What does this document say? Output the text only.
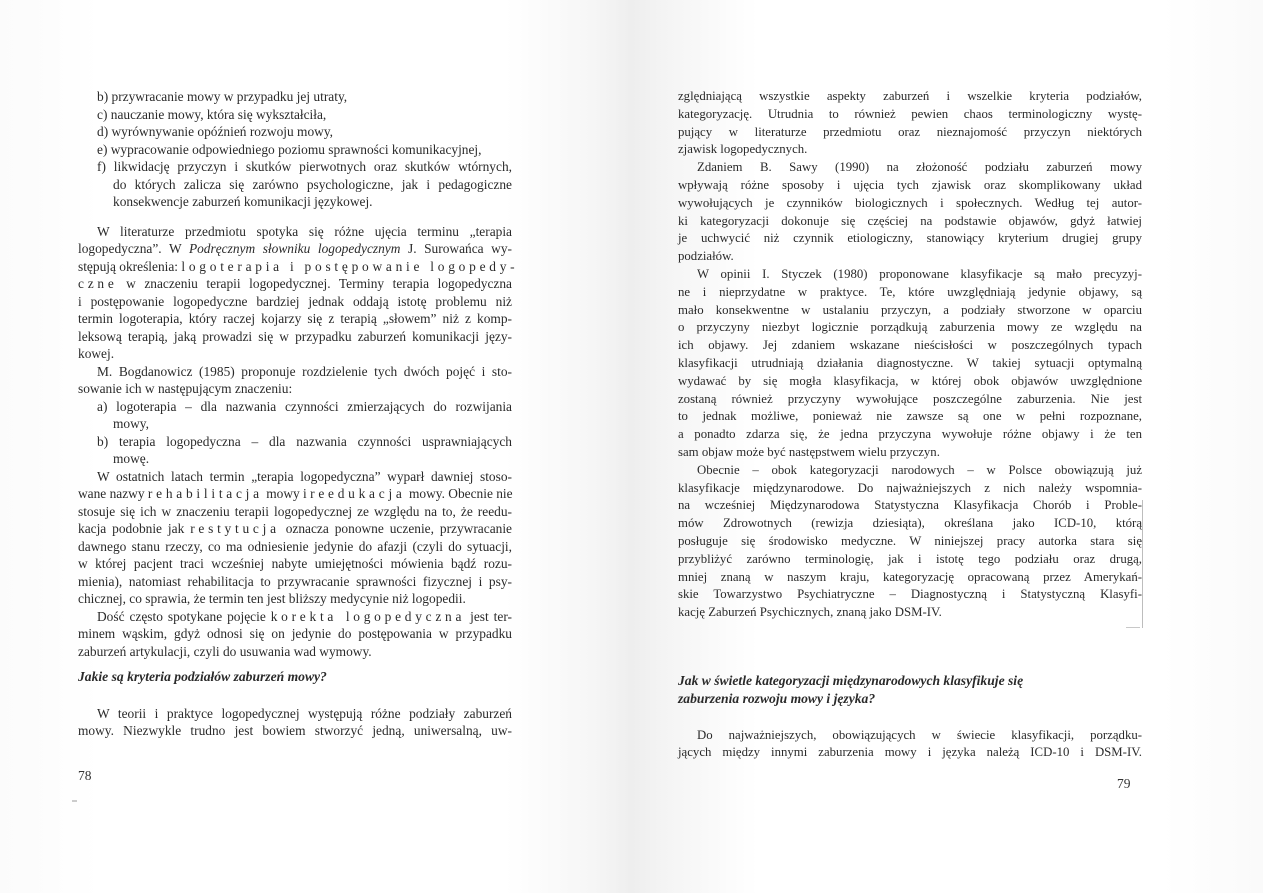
b) przywracanie mowy w przypadku jej utraty,
c) nauczanie mowy, która się wykształciła,
d) wyrównywanie opóźnień rozwoju mowy,
e) wypracowanie odpowiedniego poziomu sprawności komunikacyjnej,
f) likwidację przyczyn i skutków pierwotnych oraz skutków wtórnych,
do których zalicza się zarówno psychologiczne, jak i pedagogiczne
konsekwencje zaburzeń komunikacji językowej.
W literaturze przedmiotu spotyka się różne ujęcia terminu „terapia
logopedyczna”. W Podręcznym słowniku logopedycznym J. Surowańca wy-
stępują określenia: logoterapia i postępowanie logopedy-
czne w znaczeniu terapii logopedycznej. Terminy terapia logopedyczna
i postępowanie logopedyczne bardziej jednak oddają istotę problemu niż
termin logoterapia, który raczej kojarzy się z terapią „słowem” niż z komp-
leksową terapią, jaką prowadzi się w przypadku zaburzeń komunikacji języ-
kowej.
M. Bogdanowicz (1985) proponuje rozdzielenie tych dwóch pojęć i sto-
sowanie ich w następującym znaczeniu:
a) logoterapia – dla nazwania czynności zmierzających do rozwijania
mowy,
b) terapia logopedyczna – dla nazwania czynności usprawniających
mowę.
W ostatnich latach termin „terapia logopedyczna” wyparł dawniej stoso-
wane nazwy rehabilitacja mowy i reedukacja mowy. Obecnie nie
stosuje się ich w znaczeniu terapii logopedycznej ze względu na to, że reedu-
kacja podobnie jak restytucja oznacza ponowne uczenie, przywracanie
dawnego stanu rzeczy, co ma odniesienie jedynie do afazji (czyli do sytuacji,
w której pacjent traci wcześniej nabyte umiejętności mówienia bądź rozu-
mienia), natomiast rehabilitacja to przywracanie sprawności fizycznej i psy-
chicznej, co sprawia, że termin ten jest bliższy medycynie niż logopedii.
Dość często spotykane pojęcie korekta logopedyczna jest ter-
minem wąskim, gdyż odnosi się on jedynie do postępowania w przypadku
zaburzeń artykulacji, czyli do usuwania wad wymowy.
Jakie są kryteria podziałów zaburzeń mowy?
W teorii i praktyce logopedycznej występują różne podziały zaburzeń
mowy. Niezwykle trudno jest bowiem stworzyć jedną, uniwersalną, uw-
zględniającą wszystkie aspekty zaburzeń i wszelkie kryteria podziałów,
kategoryzację. Utrudnia to również pewien chaos terminologiczny wystę-
pujący w literaturze przedmiotu oraz nieznajomość przyczyn niektórych
zjawisk logopedycznych.
Zdaniem B. Sawy (1990) na złożoność podziału zaburzeń mowy
wpływają różne sposoby i ujęcia tych zjawisk oraz skomplikowany układ
wywołujących je czynników biologicznych i społecznych. Według tej autor-
ki kategoryzacji dokonuje się częściej na podstawie objawów, gdyż łatwiej
je uchwycić niż czynnik etiologiczny, stanowiący kryterium drugiej grupy
podziałów.
W opinii I. Styczek (1980) proponowane klasyfikacje są mało precyzyj-
ne i nieprzydatne w praktyce. Te, które uwzględniają jedynie objawy, są
mało konsekwentne w ustalaniu przyczyn, a podziały stworzone w oparciu
o przyczyny niezbyt logicznie porządkują zaburzenia mowy ze względu na
ich objawy. Jej zdaniem wskazane nieścisłości w poszczególnych typach
klasyfikacji utrudniają działania diagnostyczne. W takiej sytuacji optymalną
wydawać by się mogła klasyfikacja, w której obok objawów uwzględnione
zostaną również przyczyny wywołujące poszczególne zaburzenia. Nie jest
to jednak możliwe, ponieważ nie zawsze są one w pełni rozpoznane,
a ponadto zdarza się, że jedna przyczyna wywołuje różne objawy i że ten
sam objaw może być następstwem wielu przyczyn.
Obecnie – obok kategoryzacji narodowych – w Polsce obowiązują już
klasyfikacje międzynarodowe. Do najważniejszych z nich należy wspomnia-
na wcześniej Międzynarodowa Statystyczna Klasyfikacja Chorób i Proble-
mów Zdrowotnych (rewizja dziesiąta), określana jako ICD-10, którą
posługuje się środowisko medyczne. W niniejszej pracy autorka stara się
przybliżyć zarówno terminologię, jak i istotę tego podziału oraz drugą,
mniej znaną w naszym kraju, kategoryzację opracowaną przez Amerykań-
skie Towarzystwo Psychiatryczne – Diagnostyczną i Statystyczną Klasyfi-
kację Zaburzeń Psychicznych, znaną jako DSM-IV.
Jak w świetle kategoryzacji międzynarodowych klasyfikuje się
zaburzenia rozwoju mowy i języka?
Do najważniejszych, obowiązujących w świecie klasyfikacji, porządku-
jących między innymi zaburzenia mowy i języka należą ICD-10 i DSM-IV.
78
79
